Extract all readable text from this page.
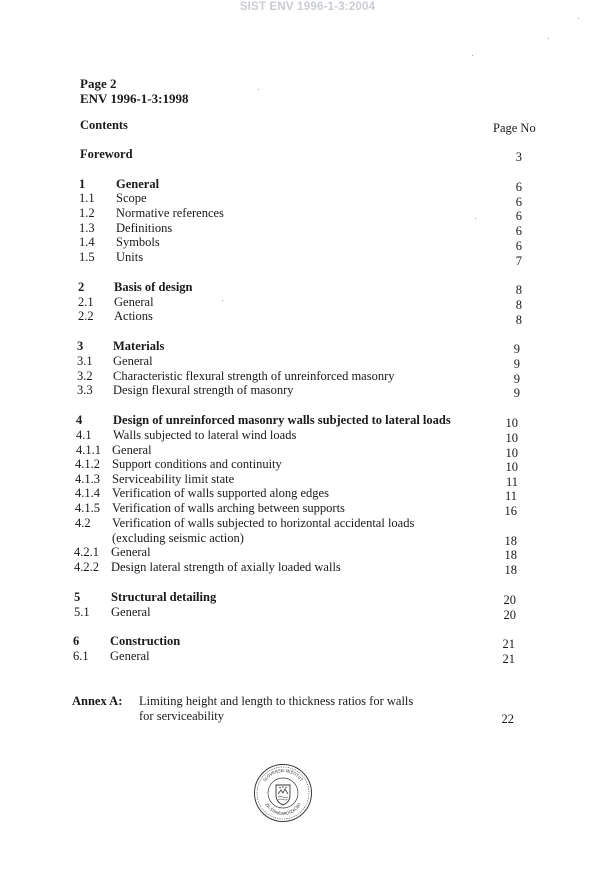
SIST ENV 1996-1-3:2004
Page 2
ENV 1996-1-3:1998
Contents	Page No
Foreword	3
1 General	6
1.1 Scope	6
1.2 Normative references	6
1.3 Definitions	6
1.4 Symbols	6
1.5 Units	7
2 Basis of design	8
2.1 General	8
2.2 Actions	8
3 Materials	9
3.1 General	9
3.2 Characteristic flexural strength of unreinforced masonry	9
3.3 Design flexural strength of masonry	9
4 Design of unreinforced masonry walls subjected to lateral loads	10
4.1 Walls subjected to lateral wind loads	10
4.1.1 General	10
4.1.2 Support conditions and continuity	10
4.1.3 Serviceability limit state	11
4.1.4 Verification of walls supported along edges	11
4.1.5 Verification of walls arching between supports	16
4.2 Verification of walls subjected to horizontal accidental loads
(excluding seismic action)	18
4.2.1 General	18
4.2.2 Design lateral strength of axially loaded walls	18
5 Structural detailing	20
5.1 General	20
6 Construction	21
6.1 General	21
Annex A: Limiting height and length to thickness ratios for walls
for serviceability	22
SLOVENSKI INŠTITUT
ZA STANDARDIZACIJO
